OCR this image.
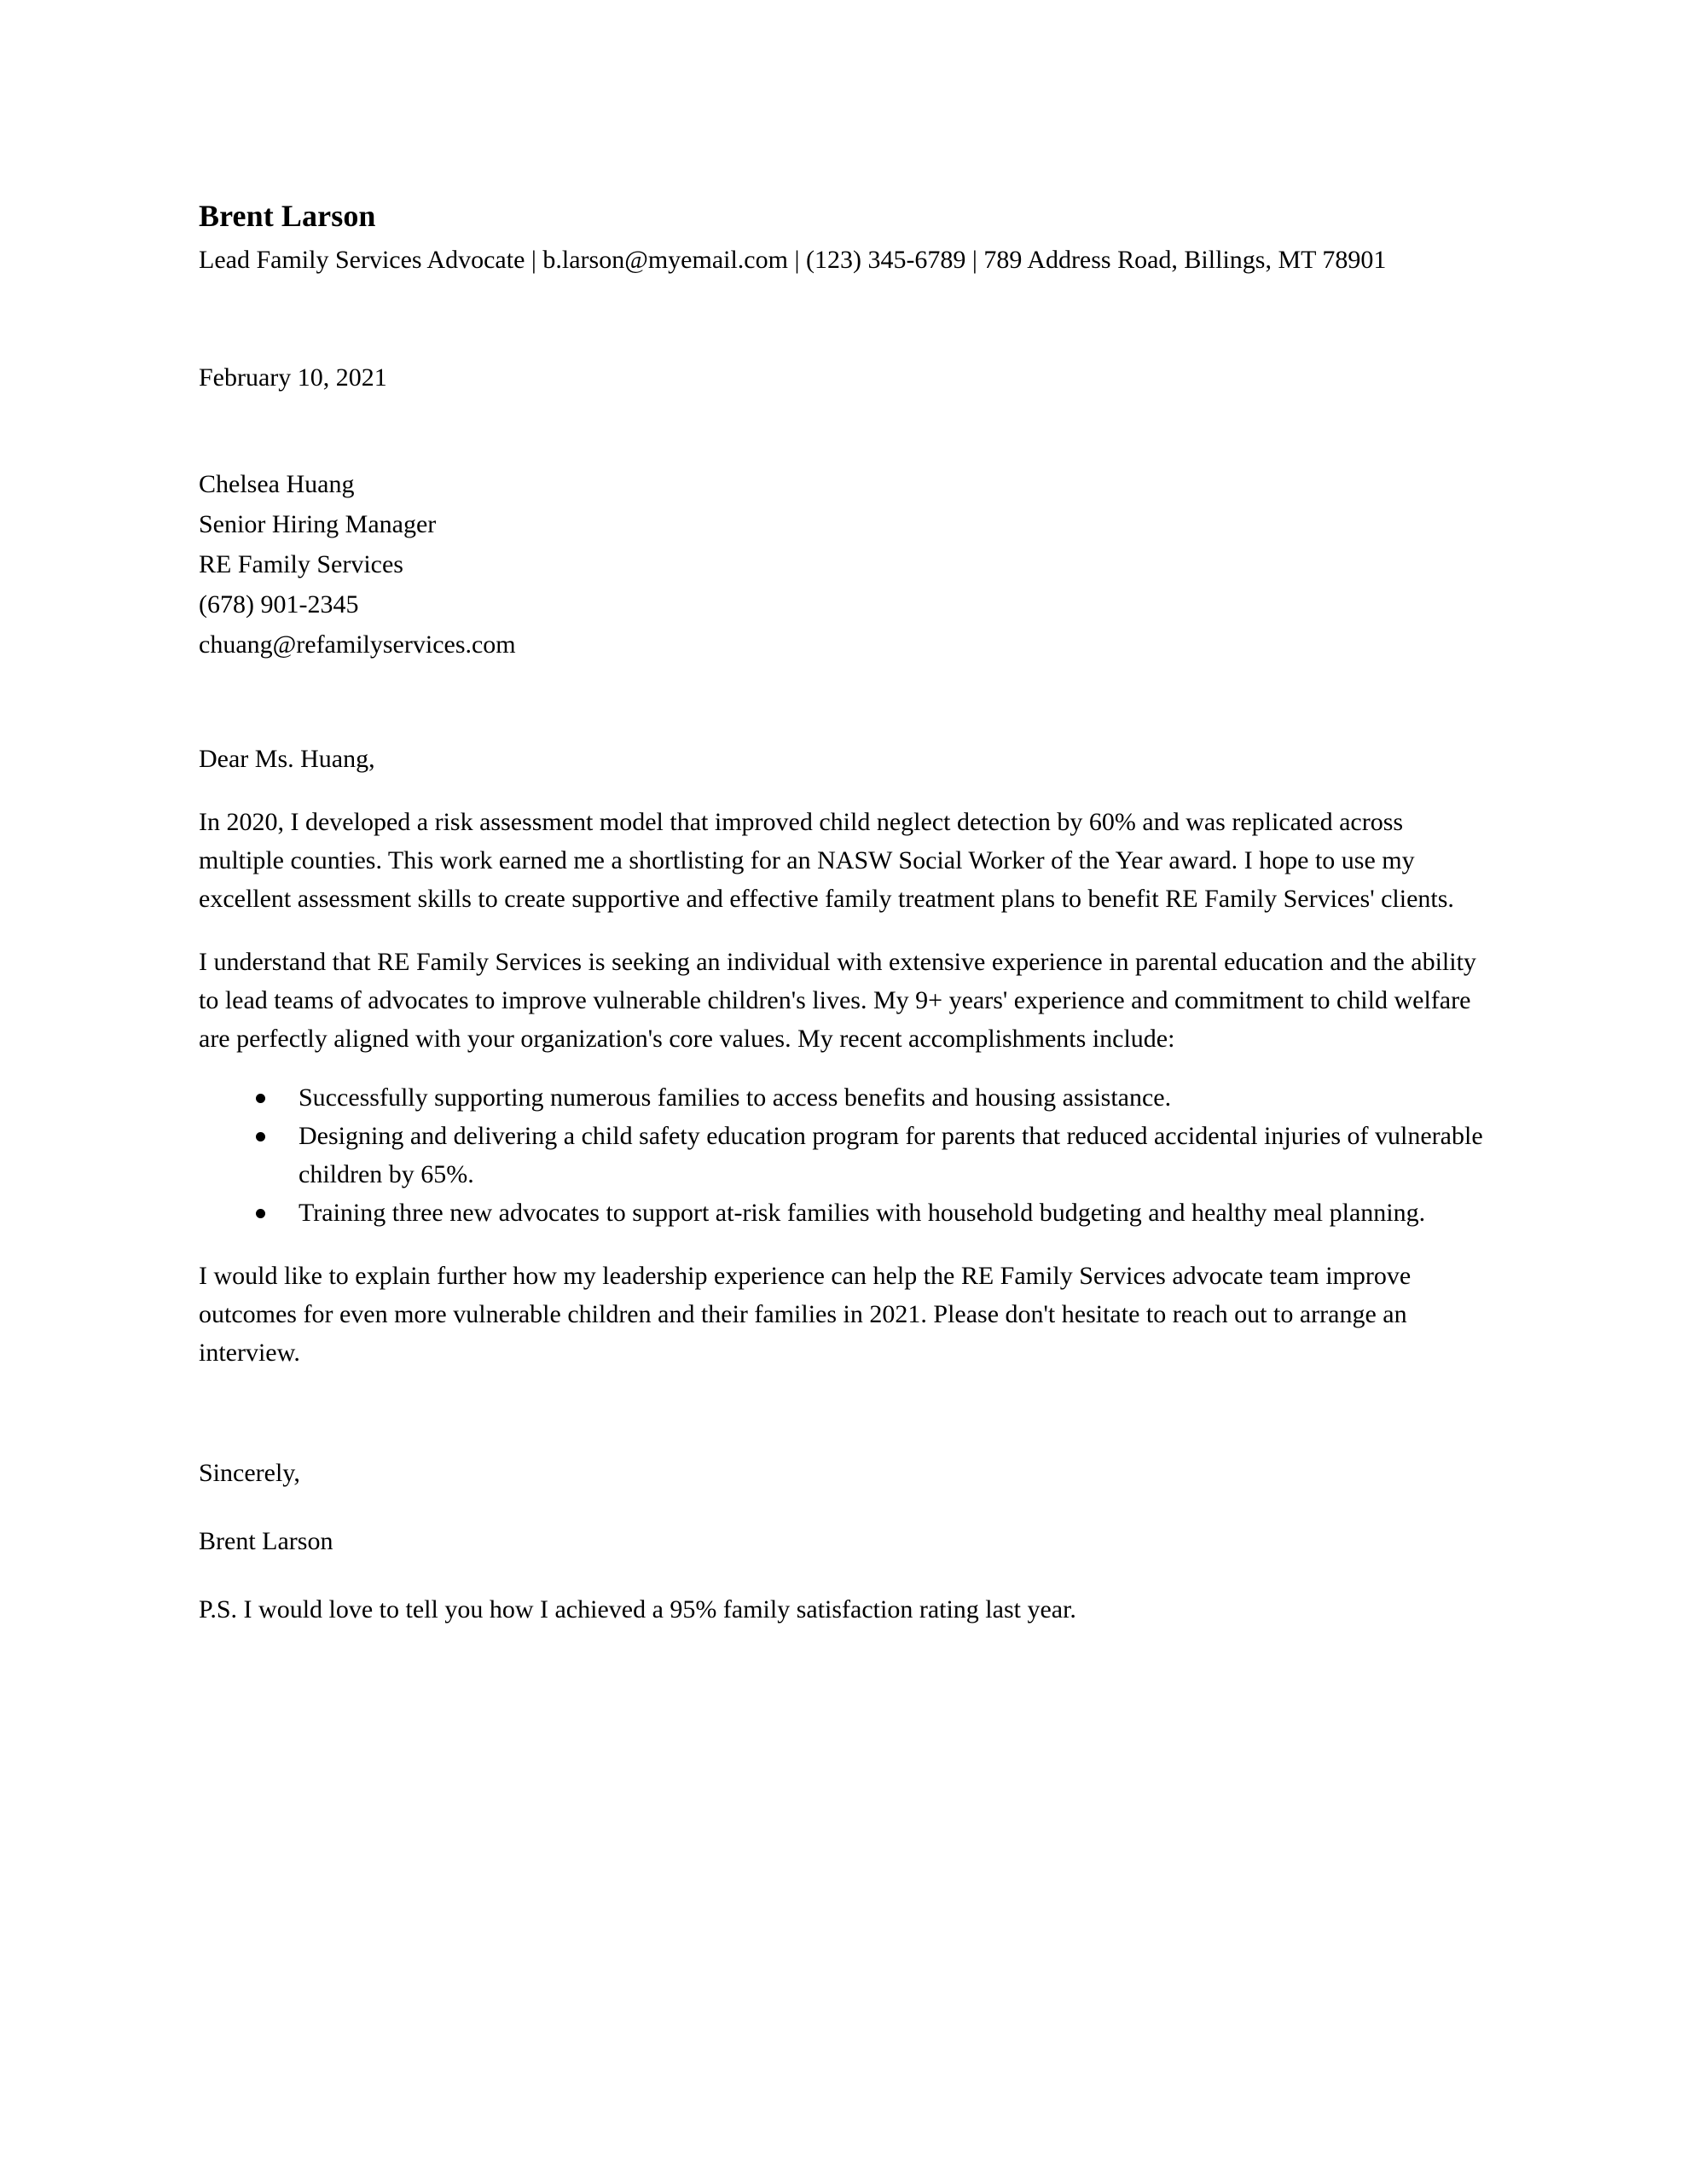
Brent Larson

Lead Family Services Advocate | b.larson@myemail.com | (123) 345-6789 | 789 Address Road, Billings, MT 78901

February 10, 2021

Chelsea Huang

Senior Hiring Manager

RE Family Services

(678) 901-2345

chuang@refamilyservices.com

Dear Ms. Huang,

In 2020, I developed a risk assessment model that improved child neglect detection by 60% and was replicated across multiple counties. This work earned me a shortlisting for an NASW Social Worker of the Year award. I hope to use my excellent assessment skills to create supportive and effective family treatment plans to benefit RE Family Services' clients.

I understand that RE Family Services is seeking an individual with extensive experience in parental education and the ability to lead teams of advocates to improve vulnerable children's lives. My 9+ years' experience and commitment to child welfare are perfectly aligned with your organization's core values. My recent accomplishments include:

Successfully supporting numerous families to access benefits and housing assistance.
Designing and delivering a child safety education program for parents that reduced accidental injuries of vulnerable children by 65%.
Training three new advocates to support at-risk families with household budgeting and healthy meal planning.

I would like to explain further how my leadership experience can help the RE Family Services advocate team improve outcomes for even more vulnerable children and their families in 2021. Please don't hesitate to reach out to arrange an interview.

Sincerely,

Brent Larson

P.S. I would love to tell you how I achieved a 95% family satisfaction rating last year.
